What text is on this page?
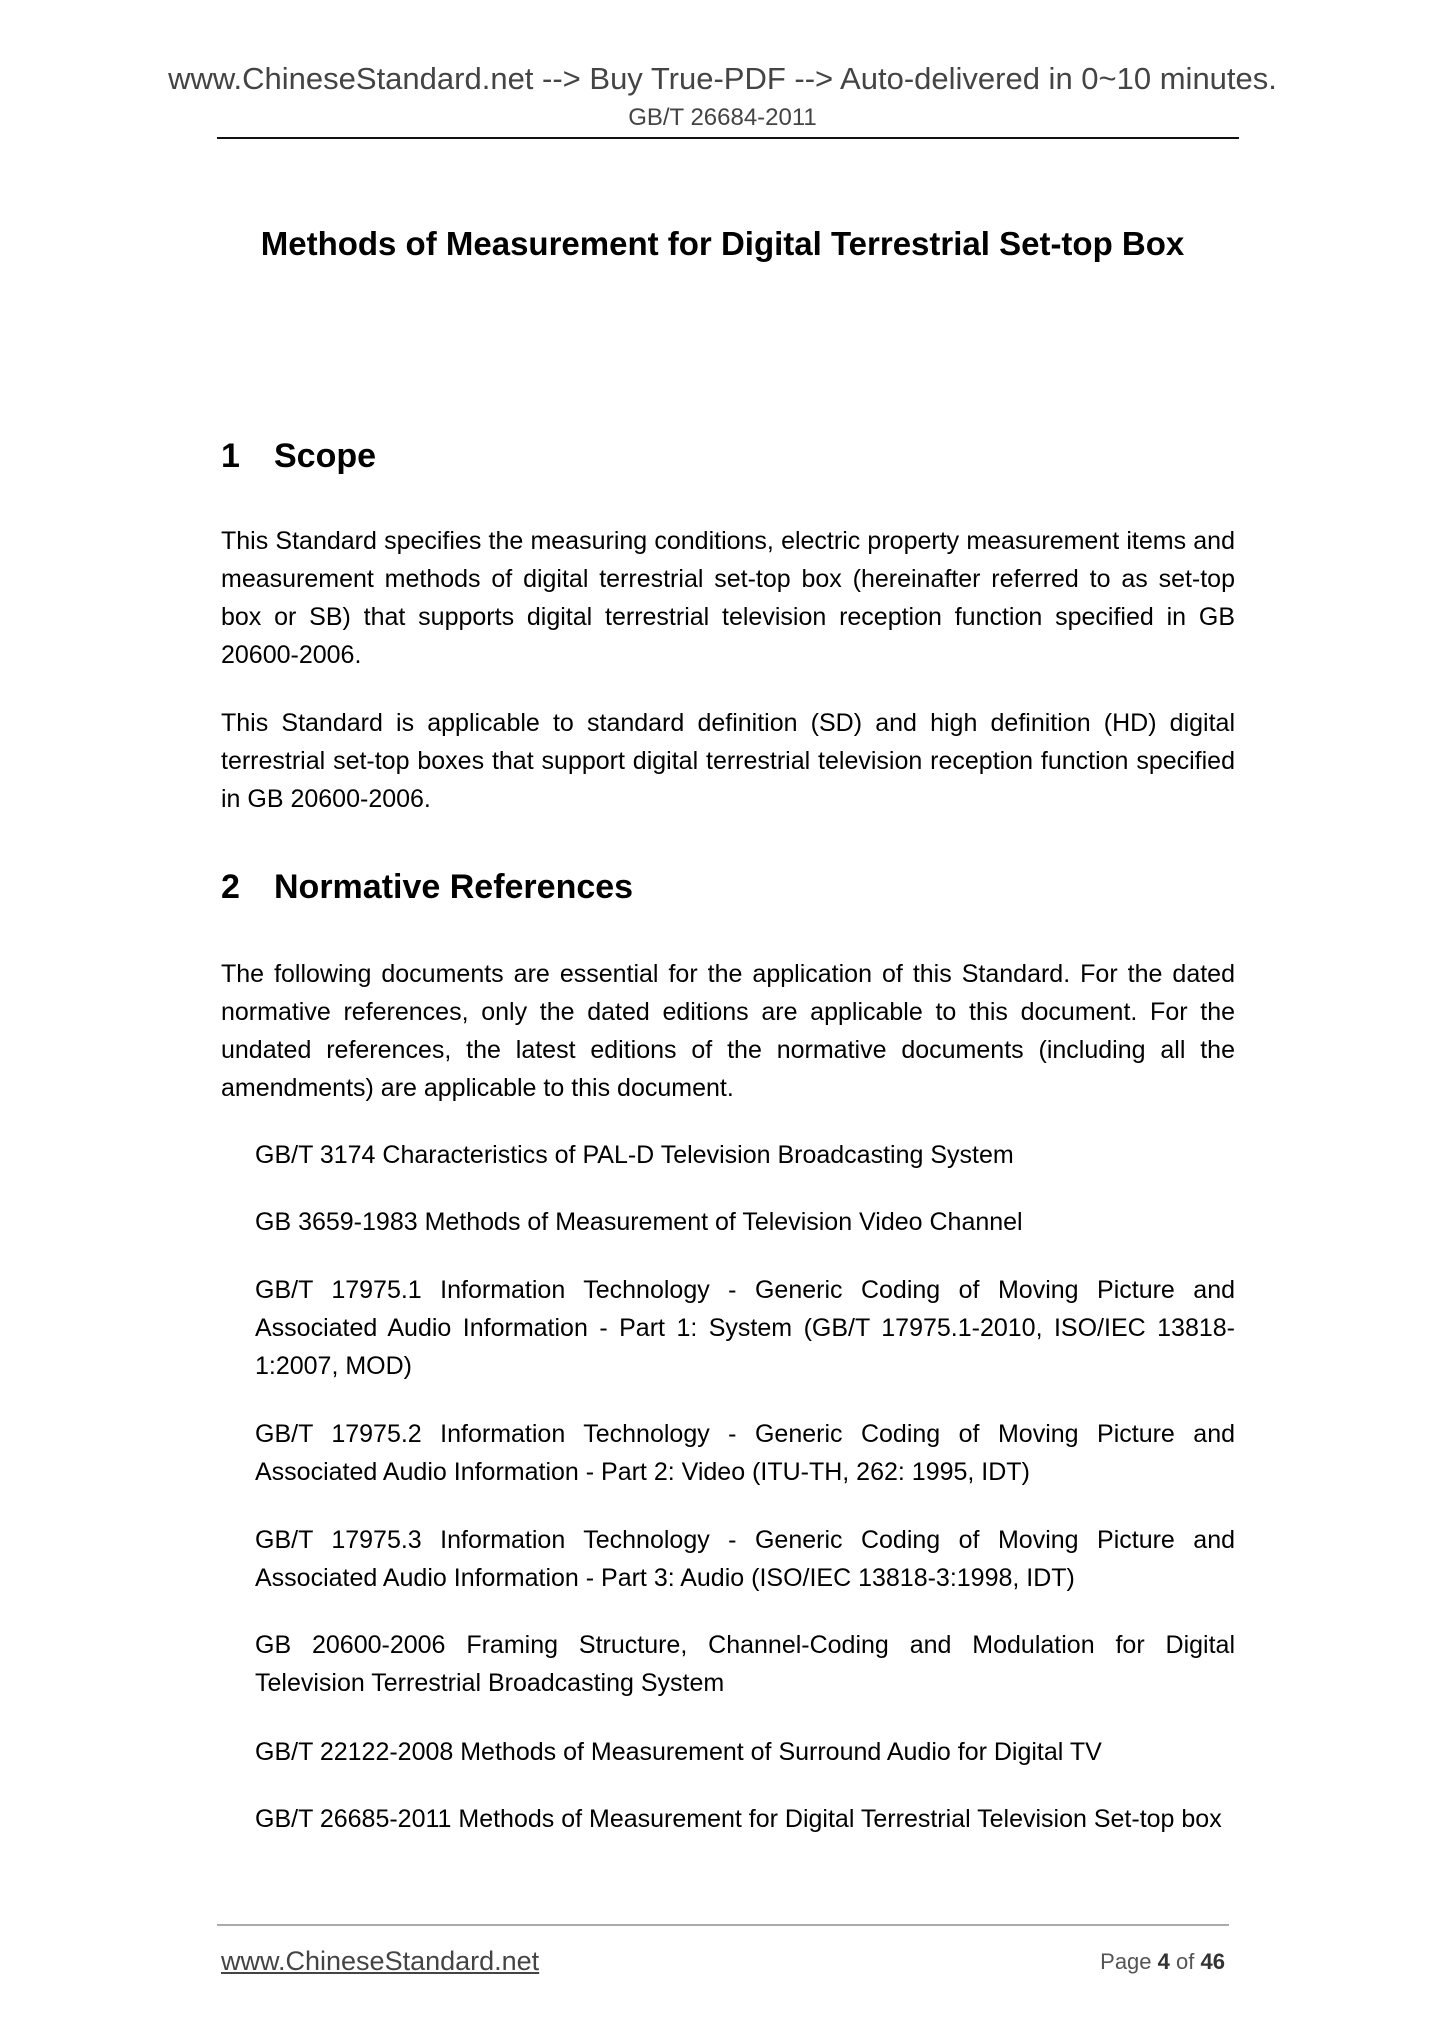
www.ChineseStandard.net --> Buy True-PDF --> Auto-delivered in 0~10 minutes.
GB/T 26684-2011
Methods of Measurement for Digital Terrestrial Set-top Box
1 Scope
This Standard specifies the measuring conditions, electric property measurement items and measurement methods of digital terrestrial set-top box (hereinafter referred to as set-top box or SB) that supports digital terrestrial television reception function specified in GB 20600-2006.
This Standard is applicable to standard definition (SD) and high definition (HD) digital terrestrial set-top boxes that support digital terrestrial television reception function specified in GB 20600-2006.
2 Normative References
The following documents are essential for the application of this Standard. For the dated normative references, only the dated editions are applicable to this document. For the undated references, the latest editions of the normative documents (including all the amendments) are applicable to this document.
GB/T 3174 Characteristics of PAL-D Television Broadcasting System
GB 3659-1983 Methods of Measurement of Television Video Channel
GB/T 17975.1 Information Technology - Generic Coding of Moving Picture and Associated Audio Information - Part 1: System (GB/T 17975.1-2010, ISO/IEC 13818-1:2007, MOD)
GB/T 17975.2 Information Technology - Generic Coding of Moving Picture and Associated Audio Information - Part 2: Video (ITU-TH, 262: 1995, IDT)
GB/T 17975.3 Information Technology - Generic Coding of Moving Picture and Associated Audio Information - Part 3: Audio (ISO/IEC 13818-3:1998, IDT)
GB 20600-2006 Framing Structure, Channel-Coding and Modulation for Digital Television Terrestrial Broadcasting System
GB/T 22122-2008 Methods of Measurement of Surround Audio for Digital TV
GB/T 26685-2011 Methods of Measurement for Digital Terrestrial Television Set-top box
www.ChineseStandard.net	Page 4 of 46
